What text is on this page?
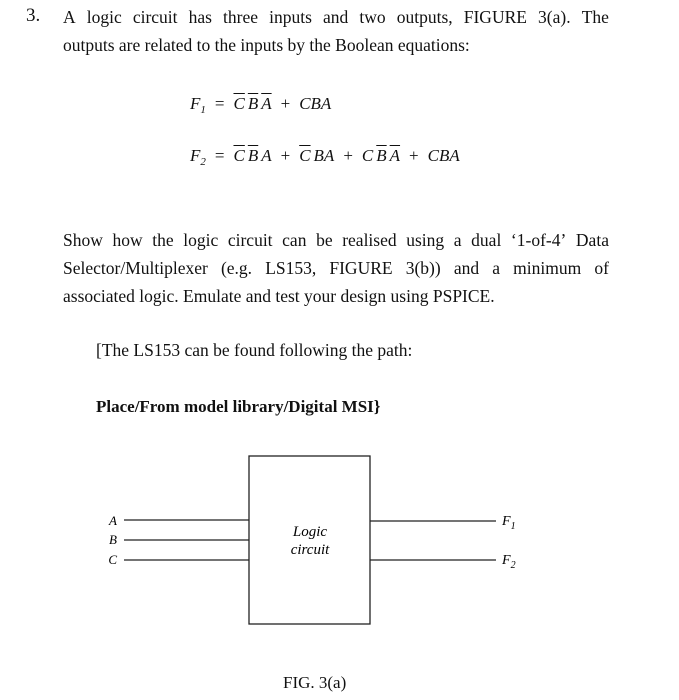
3. A logic circuit has three inputs and two outputs, FIGURE 3(a). The
outputs are related to the inputs by the Boolean equations:
$F_1 = \overline{C}$ $\overline{B}$ $\overline{A}$ + CBA
$F_2 = \overline{C}$ $\overline{B}$ $A + \overline{C}$ BA + C $\overline{B}$ $\overline{A}$ + CBA
Show how the logic circuit can be realised using a dual ‘1-of-4’ Data
Selector/Multiplexer (e.g. LS153, FIGURE 3(b)) and a minimum of
associated logic. Emulate and test your design using PSPICE.
[The LS153 can be found following the path:
Place/From model library/Digital MSI}
A
B
C
Logic
circuit
$F_1$
$F_2$
FIG. 3(a)
